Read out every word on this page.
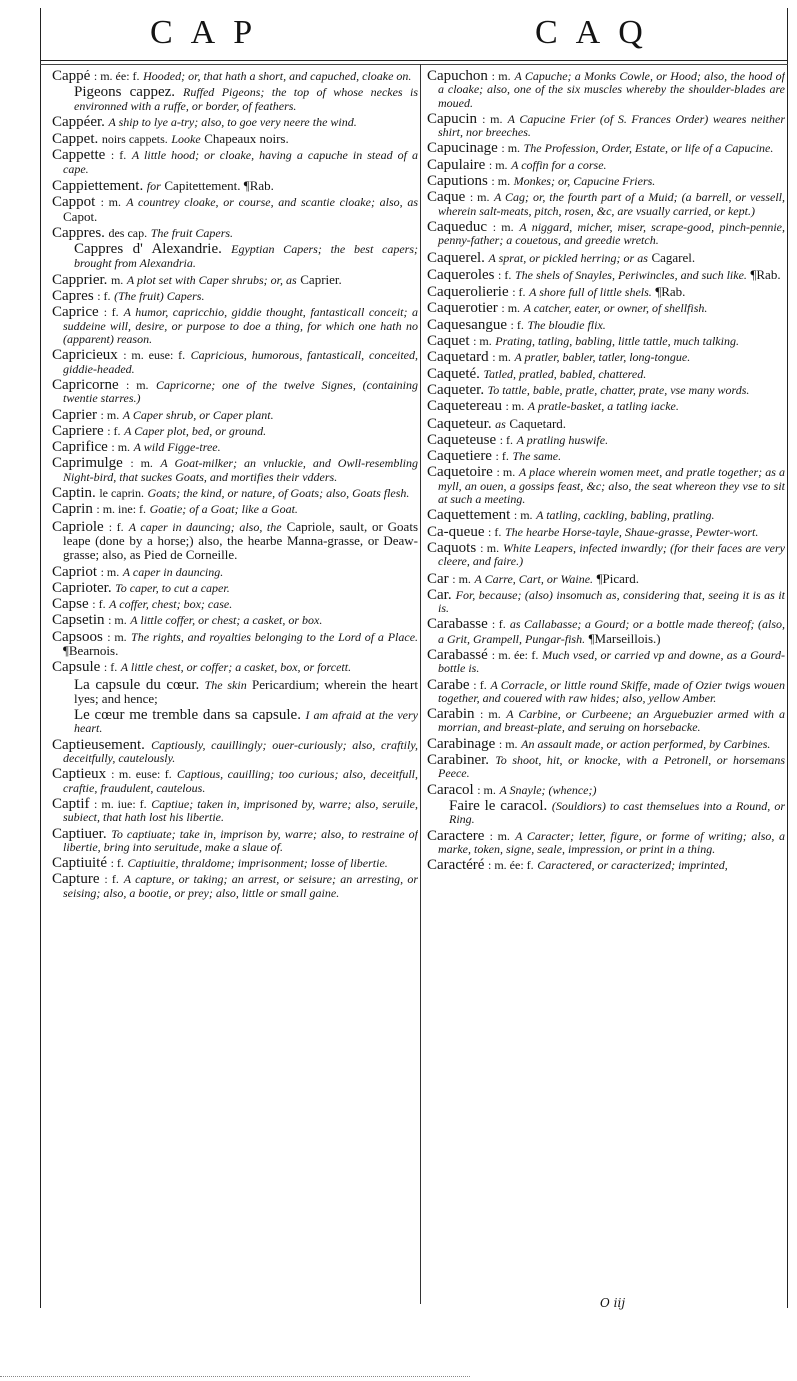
CAP	CAQ

Cappé : m. ée: f. Hooded; or, that hath a short, and capuched, cloake on.

Pigeons cappez. Ruffed Pigeons; the top of whose neckes is environned with a ruffe, or border, of feathers.

Cappéer. A ship to lye a-try; also, to goe very neere the wind.

Cappet. noirs cappets. Looke Chapeaux noirs.

Cappette : f. A little hood; or cloake, having a capuche in stead of a cape.

Cappiettement. for Capitettement. ¶Rab.

Cappot : m. A countrey cloake, or course, and scantie cloake; also, as Capot.

Cappres. des cap. The fruit Capers.

Cappres d' Alexandrie. Egyptian Capers; the best capers; brought from Alexandria.

Capprier. m. A plot set with Caper shrubs; or, as Caprier.

Capres : f. (The fruit) Capers.

Caprice : f. A humor, capricchio, giddie thought, fantasticall conceit; a suddeine will, desire, or purpose to doe a thing, for which one hath no (apparent) reason.

Capricieux : m. euse: f. Capricious, humorous, fantasticall, conceited, giddie-headed.

Capricorne : m. Capricorne; one of the twelve Signes, (containing twentie starres.)

Caprier : m. A Caper shrub, or Caper plant.

Capriere : f. A Caper plot, bed, or ground.

Caprifice : m. A wild Figge-tree.

Caprimulge : m. A Goat-milker; an vnluckie, and Owll-resembling Night-bird, that suckes Goats, and mortifies their vdders.

Captin. le caprin. Goats; the kind, or nature, of Goats; also, Goats flesh.

Caprin : m. ine: f. Goatie; of a Goat; like a Goat.

Capriole : f. A caper in dauncing; also, the Capriole, sault, or Goats leape (done by a horse;) also, the hearbe Manna-grasse, or Deaw-grasse; also, as Pied de Corneille.

Capriot : m. A caper in dauncing.

Caprioter. To caper, to cut a caper.

Capse : f. A coffer, chest; box; case.

Capsetin : m. A little coffer, or chest; a casket, or box.

Capsoos : m. The rights, and royalties belonging to the Lord of a Place. ¶Bearnois.

Capsule : f. A little chest, or coffer; a casket, box, or forcett.

La capsule du cœur. The skin Pericardium; wherein the heart lyes; and hence;

Le cœur me tremble dans sa capsule. I am afraid at the very heart.

Captieusement. Captiously, cauillingly; ouer-curiously; also, craftily, deceitfully, cautelously.

Captieux : m. euse: f. Captious, cauilling; too curious; also, deceitfull, craftie, fraudulent, cautelous.

Captif : m. iue: f. Captiue; taken in, imprisoned by, warre; also, seruile, subiect, that hath lost his libertie.

Captiuer. To captiuate; take in, imprison by, warre; also, to restraine of libertie, bring into seruitude, make a slaue of.

Captiuité : f. Captiuitie, thraldome; imprisonment; losse of libertie.

Capture : f. A capture, or taking; an arrest, or seisure; an arresting, or seising; also, a bootie, or prey; also, little or small gaine.

Capuchon : m. A Capuche; a Monks Cowle, or Hood; also, the hood of a cloake; also, one of the six muscles whereby the shoulder-blades are moued.

Capucin : m. A Capucine Frier (of S. Frances Order) weares neither shirt, nor breeches.

Capucinage : m. The Profession, Order, Estate, or life of a Capucine.

Capulaire : m. A coffin for a corse.

Caputions : m. Monkes; or, Capucine Friers.

Caque : m. A Cag; or, the fourth part of a Muid; (a barrell, or vessell, wherein salt-meats, pitch, rosen, &c, are vsually carried, or kept.)

Caqueduc : m. A niggard, micher, miser, scrape-good, pinch-pennie, penny-father; a couetous, and greedie wretch.

Caquerel. A sprat, or pickled herring; or as Cagarel.

Caqueroles : f. The shels of Snayles, Periwincles, and such like. ¶Rab.

Caquerolierie : f. A shore full of little shels. ¶Rab.

Caquerotier : m. A catcher, eater, or owner, of shellfish.

Caquesangue : f. The bloudie flix.

Caquet : m. Prating, tatling, babling, little tattle, much talking.

Caquetard : m. A pratler, babler, tatler, long-tongue.

Caqueté. Tatled, pratled, babled, chattered.

Caqueter. To tattle, bable, pratle, chatter, prate, vse many words.

Caquetereau : m. A pratle-basket, a tatling iacke.

Caqueteur. as Caquetard.

Caqueteuse : f. A pratling huswife.

Caquetiere : f. The same.

Caquetoire : m. A place wherein women meet, and pratle together; as a myll, an ouen, a gossips feast, &c; also, the seat whereon they vse to sit at such a meeting.

Caquettement : m. A tatling, cackling, babling, pratling.

Ca-queue : f. The hearbe Horse-tayle, Shaue-grasse, Pewter-wort.

Caquots : m. White Leapers, infected inwardly; (for their faces are very cleere, and faire.)

Car : m. A Carre, Cart, or Waine. ¶Picard.

Car. For, because; (also) insomuch as, considering that, seeing it is as it is.

Carabasse : f. as Callabasse; a Gourd; or a bottle made thereof; (also, a Grit, Grampell, Pungar-fish. ¶Marseillois.)

Carabassé : m. ée: f. Much vsed, or carried vp and downe, as a Gourd-bottle is.

Carabe : f. A Corracle, or little round Skiffe, made of Ozier twigs wouen together, and couered with raw hides; also, yellow Amber.

Carabin : m. A Carbine, or Curbeene; an Arguebuzier armed with a morrian, and breast-plate, and seruing on horsebacke.

Carabinage : m. An assault made, or action performed, by Carbines.

Carabiner. To shoot, hit, or knocke, with a Petronell, or horsemans Peece.

Caracol : m. A Snayle; (whence;)

Faire le caracol. (Souldiors) to cast themselues into a Round, or Ring.

Caractere : m. A Caracter; letter, figure, or forme of writing; also, a marke, token, signe, seale, impression, or print in a thing.

Caractéré : m. ée: f. Caractered, or caracterized; imprinted,

O iij
